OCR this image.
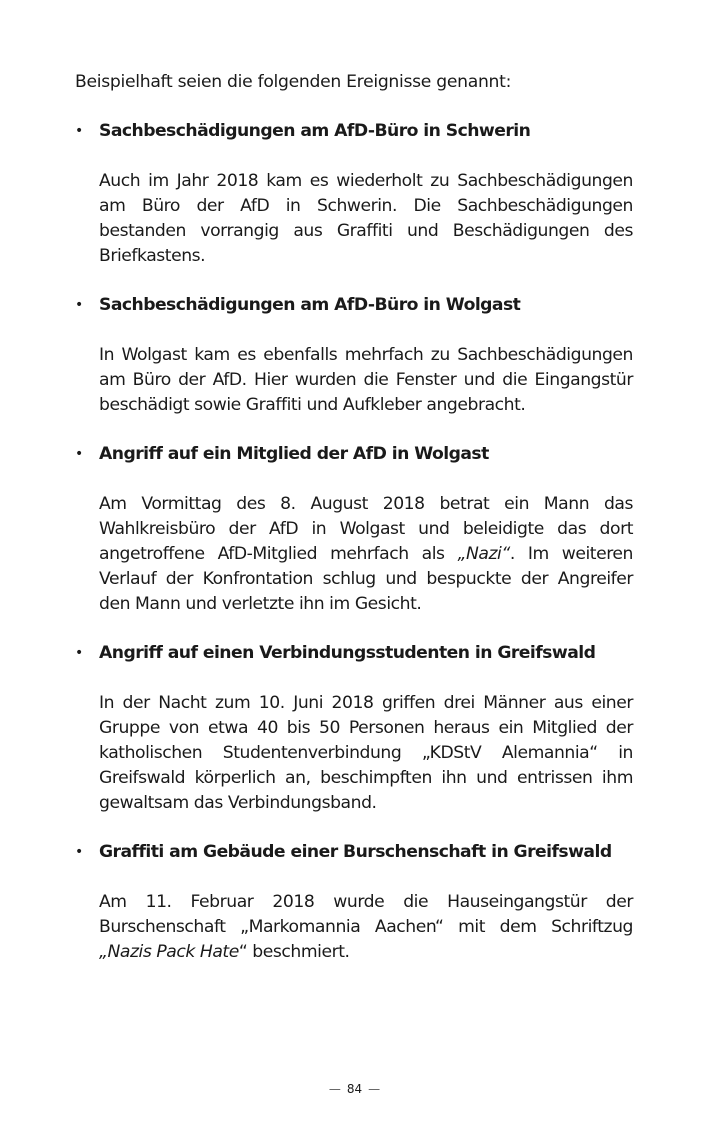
Beispielhaft seien die folgenden Ereignisse genannt:

• Sachbeschädigungen am AfD-Büro in Schwerin

Auch im Jahr 2018 kam es wiederholt zu Sachbeschädigungen am Büro der AfD in Schwerin. Die Sachbeschädigungen bestanden vorrangig aus Graffiti und Beschädigungen des Briefkastens.

• Sachbeschädigungen am AfD-Büro in Wolgast

In Wolgast kam es ebenfalls mehrfach zu Sachbeschädigungen am Büro der AfD. Hier wurden die Fenster und die Eingangstür beschädigt sowie Graffiti und Aufkleber angebracht.

• Angriff auf ein Mitglied der AfD in Wolgast

Am Vormittag des 8. August 2018 betrat ein Mann das Wahlkreisbüro der AfD in Wolgast und beleidigte das dort angetroffene AfD-Mitglied mehrfach als „Nazi“. Im weiteren Verlauf der Konfrontation schlug und bespuckte der Angreifer den Mann und verletzte ihn im Gesicht.

• Angriff auf einen Verbindungsstudenten in Greifswald

In der Nacht zum 10. Juni 2018 griffen drei Männer aus einer Gruppe von etwa 40 bis 50 Personen heraus ein Mitglied der katholischen Studentenverbindung „KDStV Alemannia“ in Greifswald körperlich an, beschimpften ihn und entrissen ihm gewaltsam das Verbindungsband.

• Graffiti am Gebäude einer Burschenschaft in Greifswald

Am 11. Februar 2018 wurde die Hauseingangstür der Burschenschaft „Markomannia Aachen“ mit dem Schriftzug „Nazis Pack Hate“ beschmiert.

— 84 —
